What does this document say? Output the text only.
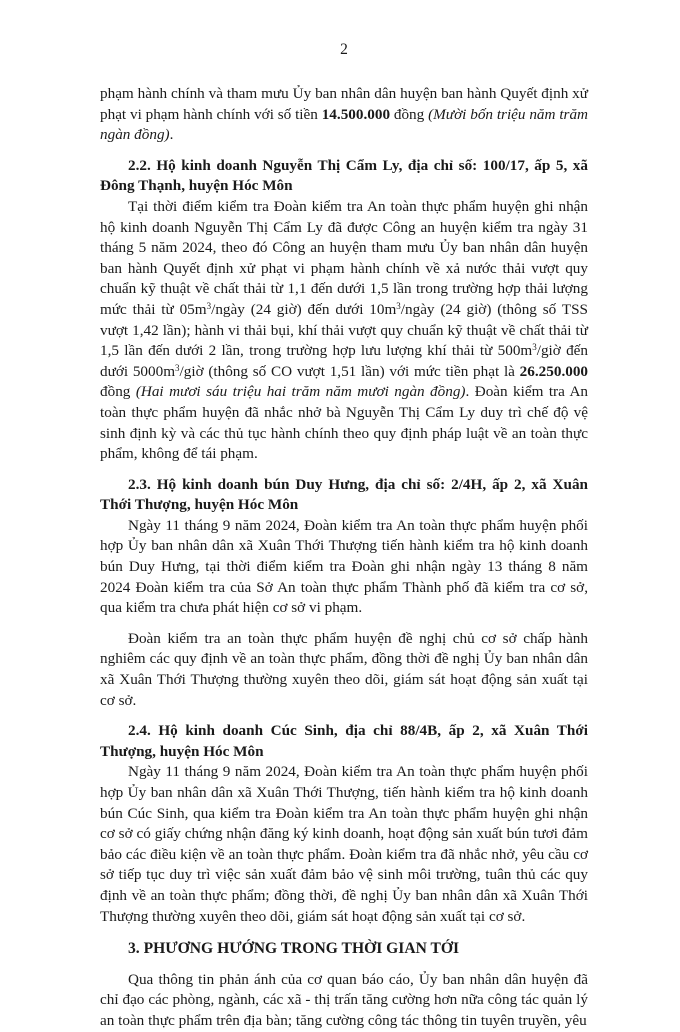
2

phạm hành chính và tham mưu Ủy ban nhân dân huyện ban hành Quyết định xử phạt vi phạm hành chính với số tiền 14.500.000 đồng (Mười bốn triệu năm trăm ngàn đồng).

2.2. Hộ kinh doanh Nguyễn Thị Cẩm Ly, địa chỉ số: 100/17, ấp 5, xã Đông Thạnh, huyện Hóc Môn

Tại thời điểm kiểm tra Đoàn kiểm tra An toàn thực phẩm huyện ghi nhận hộ kinh doanh Nguyễn Thị Cẩm Ly đã được Công an huyện kiểm tra ngày 31 tháng 5 năm 2024, theo đó Công an huyện tham mưu Ủy ban nhân dân huyện ban hành Quyết định xử phạt vi phạm hành chính về xả nước thải vượt quy chuẩn kỹ thuật về chất thải từ 1,1 đến dưới 1,5 lần trong trường hợp thải lượng mức thải từ $05m^3$/ngày (24 giờ) đến dưới $10m^3$/ngày (24 giờ) (thông số TSS vượt 1,42 lần); hành vi thải bụi, khí thải vượt quy chuẩn kỹ thuật về chất thải từ 1,5 lần đến dưới 2 lần, trong trường hợp lưu lượng khí thải từ $500m^3$/giờ đến dưới $5000m^3$/giờ (thông số CO vượt 1,51 lần) với mức tiền phạt là 26.250.000 đồng (Hai mươi sáu triệu hai trăm năm mươi ngàn đồng). Đoàn kiểm tra An toàn thực phẩm huyện đã nhắc nhở bà Nguyễn Thị Cẩm Ly duy trì chế độ vệ sinh định kỳ và các thủ tục hành chính theo quy định pháp luật về an toàn thực phẩm, không để tái phạm.

2.3. Hộ kinh doanh bún Duy Hưng, địa chỉ số: 2/4H, ấp 2, xã Xuân Thới Thượng, huyện Hóc Môn

Ngày 11 tháng 9 năm 2024, Đoàn kiểm tra An toàn thực phẩm huyện phối hợp Ủy ban nhân dân xã Xuân Thới Thượng tiến hành kiểm tra hộ kinh doanh bún Duy Hưng, tại thời điểm kiểm tra Đoàn ghi nhận ngày 13 tháng 8 năm 2024 Đoàn kiểm tra của Sở An toàn thực phẩm Thành phố đã kiểm tra cơ sở, qua kiểm tra chưa phát hiện cơ sở vi phạm.

Đoàn kiểm tra an toàn thực phẩm huyện đề nghị chủ cơ sở chấp hành nghiêm các quy định về an toàn thực phẩm, đồng thời đề nghị Ủy ban nhân dân xã Xuân Thới Thượng thường xuyên theo dõi, giám sát hoạt động sản xuất tại cơ sở.

2.4. Hộ kinh doanh Cúc Sinh, địa chỉ 88/4B, ấp 2, xã Xuân Thới Thượng, huyện Hóc Môn

Ngày 11 tháng 9 năm 2024, Đoàn kiểm tra An toàn thực phẩm huyện phối hợp Ủy ban nhân dân xã Xuân Thới Thượng, tiến hành kiểm tra hộ kinh doanh bún Cúc Sinh, qua kiểm tra Đoàn kiểm tra An toàn thực phẩm huyện ghi nhận cơ sở có giấy chứng nhận đăng ký kinh doanh, hoạt động sản xuất bún tươi đảm bảo các điều kiện về an toàn thực phẩm. Đoàn kiểm tra đã nhắc nhở, yêu cầu cơ sở tiếp tục duy trì việc sản xuất đảm bảo vệ sinh môi trường, tuân thủ các quy định về an toàn thực phẩm; đồng thời, đề nghị Ủy ban nhân dân xã Xuân Thới Thượng thường xuyên theo dõi, giám sát hoạt động sản xuất tại cơ sở.

3. PHƯƠNG HƯỚNG TRONG THỜI GIAN TỚI

Qua thông tin phản ánh của cơ quan báo cáo, Ủy ban nhân dân huyện đã chỉ đạo các phòng, ngành, các xã - thị trấn tăng cường hơn nữa công tác quản lý an toàn thực phẩm trên địa bàn; tăng cường công tác thông tin tuyên truyền, yêu
